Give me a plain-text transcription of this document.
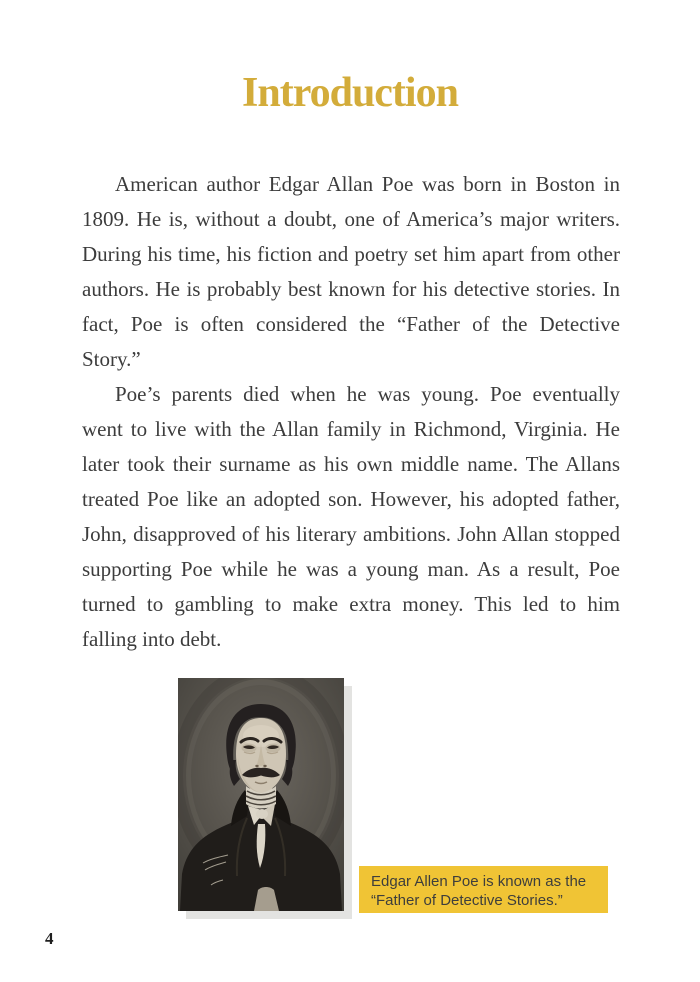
Introduction

American author Edgar Allan Poe was born in Boston in 1809. He is, without a doubt, one of America’s major writers. During his time, his fiction and poetry set him apart from other authors. He is probably best known for his detective stories. In fact, Poe is often considered the “Father of the Detective Story.”

Poe’s parents died when he was young. Poe eventually went to live with the Allan family in Richmond, Virginia. He later took their surname as his own middle name. The Allans treated Poe like an adopted son. However, his adopted father, John, disapproved of his literary ambitions. John Allan stopped supporting Poe while he was a young man. As a result, Poe turned to gambling to make extra money. This led to him falling into debt.

Edgar Allen Poe is known as the
“Father of Detective Stories.”
4
